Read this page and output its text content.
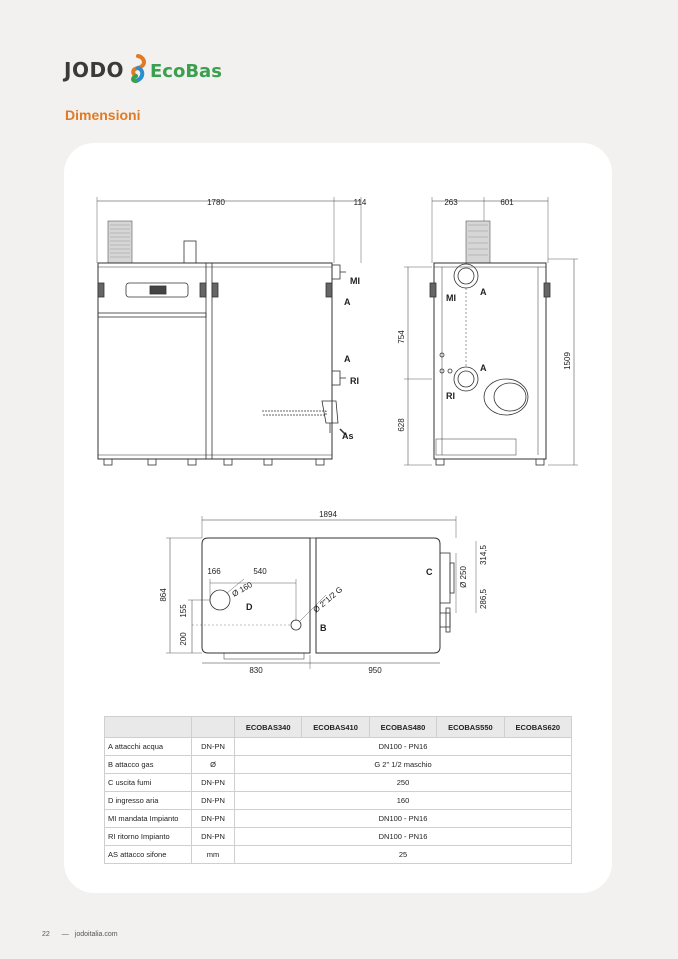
JODO EcoBas
Dimensioni
1780	114
MI
A
A
RI
As
263	601
MI
A
A
RI
754
628
1509
1894
166	540
Ø 160	Ø 2"1/2 G
D
B
C
864
155
200
830	950
Ø 250
314,5
286,5
		ECOBAS340	ECOBAS410	ECOBAS480	ECOBAS550	ECOBAS620
A attacchi acqua	DN-PN	DN100 - PN16				
B attacco gas	Ø	G 2" 1/2 maschio				
C uscita fumi	DN-PN	250				
D ingresso aria	DN-PN	160				
MI mandata Impianto	DN-PN	DN100 - PN16				
RI ritorno Impianto	DN-PN	DN100 - PN16				
AS attacco sifone	mm	25				
22 — jodoitalia.com
